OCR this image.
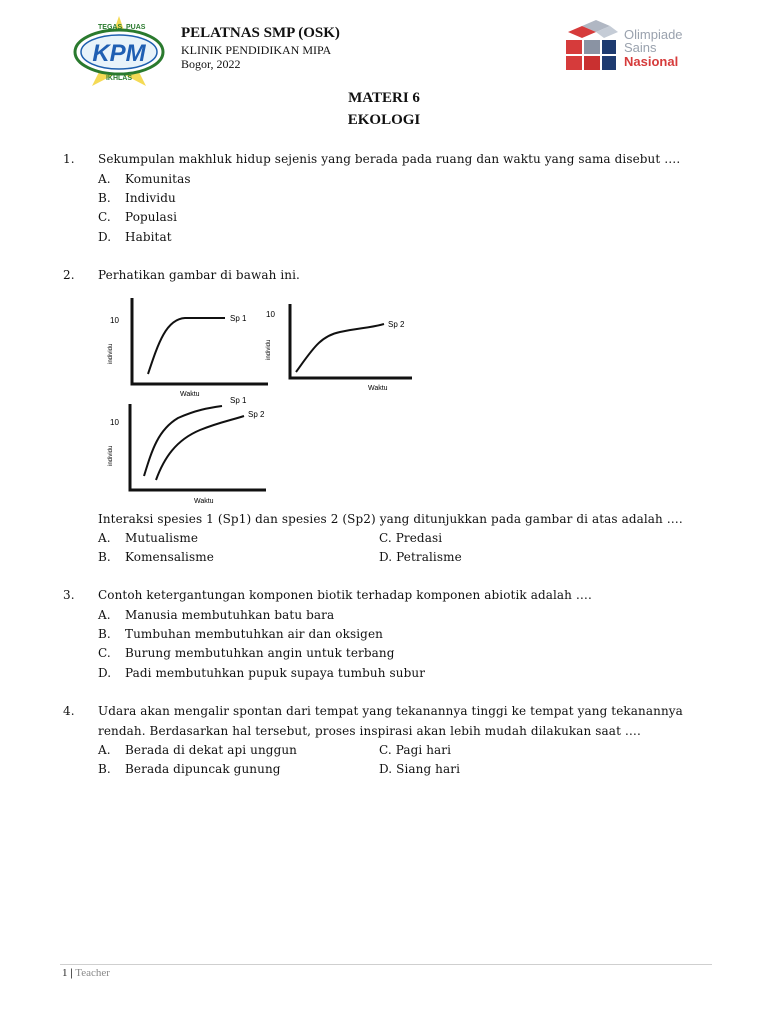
KPM
TEGAS PUAS
IKHLAS
PELATNAS SMP (OSK)
KLINIK PENDIDIKAN MIPA
Bogor, 2022
Olimpiade
Sains
Nasional
MATERI 6
EKOLOGI
1. Sekumpulan makhluk hidup sejenis yang berada pada ruang dan waktu yang sama disebut ….
A. Komunitas
B. Individu
C. Populasi
D. Habitat
2. Perhatikan gambar di bawah ini.
10
individu
Waktu
Sp 1 10
individu
Waktu
Sp 2
10
individu
Waktu
Sp 1
Sp 2
Interaksi spesies 1 (Sp1) dan spesies 2 (Sp2) yang ditunjukkan pada gambar di atas adalah ….
A. Mutualisme	C. Predasi
B. Komensalisme	D. Petralisme
3. Contoh ketergantungan komponen biotik terhadap komponen abiotik adalah ….
A. Manusia membutuhkan batu bara
B. Tumbuhan membutuhkan air dan oksigen
C. Burung membutuhkan angin untuk terbang
D. Padi membutuhkan pupuk supaya tumbuh subur
4. Udara akan mengalir spontan dari tempat yang tekanannya tinggi ke tempat yang tekanannya
rendah. Berdasarkan hal tersebut, proses inspirasi akan lebih mudah dilakukan saat ….
A. Berada di dekat api unggun	C. Pagi hari
B. Berada dipuncak gunung	D. Siang hari
1 | Teacher
